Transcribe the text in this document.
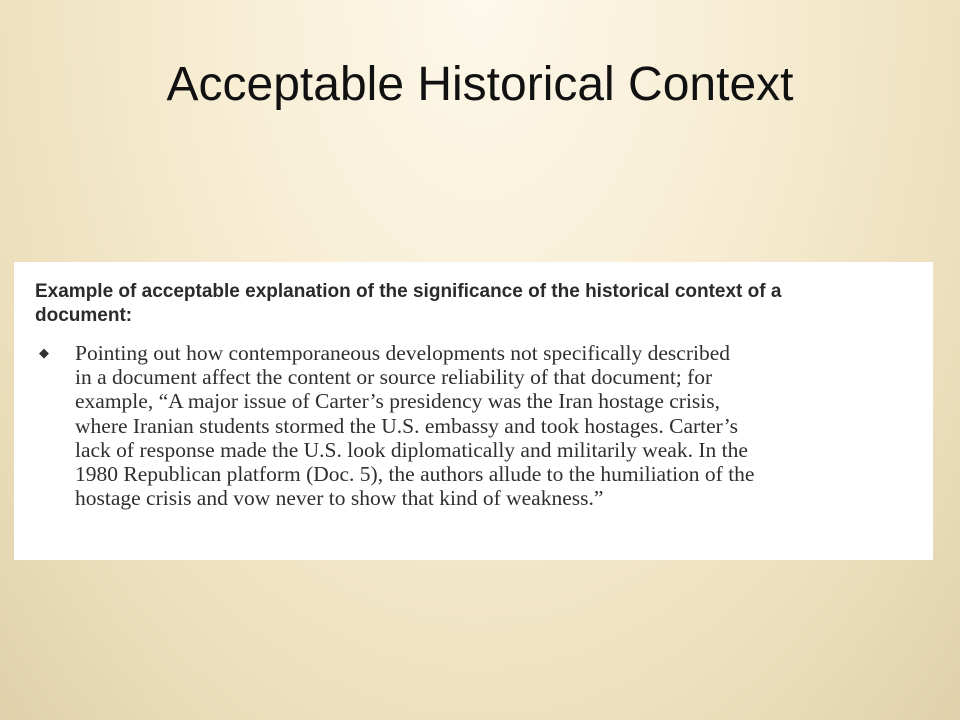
Acceptable Historical Context

Example of acceptable explanation of the significance of the historical context of a
document:

◆ Pointing out how contemporaneous developments not specifically described
in a document affect the content or source reliability of that document; for
example, “A major issue of Carter’s presidency was the Iran hostage crisis,
where Iranian students stormed the U.S. embassy and took hostages. Carter’s
lack of response made the U.S. look diplomatically and militarily weak. In the
1980 Republican platform (Doc. 5), the authors allude to the humiliation of the
hostage crisis and vow never to show that kind of weakness.”
